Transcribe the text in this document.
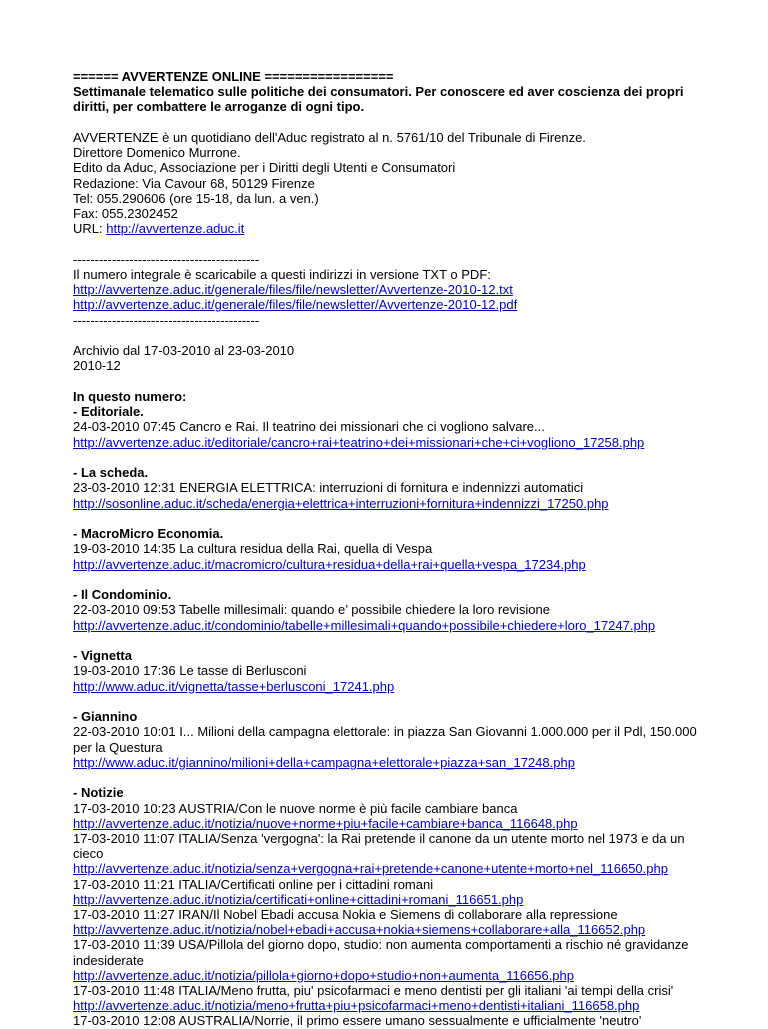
====== AVVERTENZE ONLINE =================
Settimanale telematico sulle politiche dei consumatori. Per conoscere ed aver coscienza dei propri diritti, per combattere le arroganze di ogni tipo.
AVVERTENZE è un quotidiano dell'Aduc registrato al n. 5761/10 del Tribunale di Firenze.
Direttore Domenico Murrone.
Edito da Aduc, Associazione per i Diritti degli Utenti e Consumatori
Redazione: Via Cavour 68, 50129 Firenze
Tel: 055.290606 (ore 15-18, da lun. a ven.)
Fax: 055.2302452
URL: http://avvertenze.aduc.it
-------------------------------------------
Il numero integrale è scaricabile a questi indirizzi in versione TXT o PDF:
http://avvertenze.aduc.it/generale/files/file/newsletter/Avvertenze-2010-12.txt
http://avvertenze.aduc.it/generale/files/file/newsletter/Avvertenze-2010-12.pdf
-------------------------------------------
Archivio dal 17-03-2010 al 23-03-2010
2010-12
In questo numero:
- Editoriale.
24-03-2010 07:45 Cancro e Rai. Il teatrino dei missionari che ci vogliono salvare...
http://avvertenze.aduc.it/editoriale/cancro+rai+teatrino+dei+missionari+che+ci+vogliono_17258.php
- La scheda.
23-03-2010 12:31 ENERGIA ELETTRICA: interruzioni di fornitura e indennizzi automatici
http://sosonline.aduc.it/scheda/energia+elettrica+interruzioni+fornitura+indennizzi_17250.php
- MacroMicro Economia.
19-03-2010 14:35 La cultura residua della Rai, quella di Vespa
http://avvertenze.aduc.it/macromicro/cultura+residua+della+rai+quella+vespa_17234.php
- Il Condominio.
22-03-2010 09:53 Tabelle millesimali: quando e’ possibile chiedere la loro revisione
http://avvertenze.aduc.it/condominio/tabelle+millesimali+quando+possibile+chiedere+loro_17247.php
- Vignetta
19-03-2010 17:36 Le tasse di Berlusconi
http://www.aduc.it/vignetta/tasse+berlusconi_17241.php
- Giannino
22-03-2010 10:01 I... Milioni della campagna elettorale: in piazza San Giovanni 1.000.000 per il Pdl, 150.000 per la Questura
http://www.aduc.it/giannino/milioni+della+campagna+elettorale+piazza+san_17248.php
- Notizie
17-03-2010 10:23 AUSTRIA/Con le nuove norme è più facile cambiare banca
http://avvertenze.aduc.it/notizia/nuove+norme+piu+facile+cambiare+banca_116648.php
17-03-2010 11:07 ITALIA/Senza 'vergogna': la Rai pretende il canone da un utente morto nel 1973 e da un cieco
http://avvertenze.aduc.it/notizia/senza+vergogna+rai+pretende+canone+utente+morto+nel_116650.php
17-03-2010 11:21 ITALIA/Certificati online per i cittadini romani
http://avvertenze.aduc.it/notizia/certificati+online+cittadini+romani_116651.php
17-03-2010 11:27 IRAN/Il Nobel Ebadi accusa Nokia e Siemens di collaborare alla repressione
http://avvertenze.aduc.it/notizia/nobel+ebadi+accusa+nokia+siemens+collaborare+alla_116652.php
17-03-2010 11:39 USA/Pillola del giorno dopo, studio: non aumenta comportamenti a rischio né gravidanze indesiderate
http://avvertenze.aduc.it/notizia/pillola+giorno+dopo+studio+non+aumenta_116656.php
17-03-2010 11:48 ITALIA/Meno frutta, piu' psicofarmaci e meno dentisti per gli italiani 'ai tempi della crisi'
http://avvertenze.aduc.it/notizia/meno+frutta+piu+psicofarmaci+meno+dentisti+italiani_116658.php
17-03-2010 12:08 AUSTRALIA/Norrie, il primo essere umano sessualmente e ufficialmente 'neutro'
